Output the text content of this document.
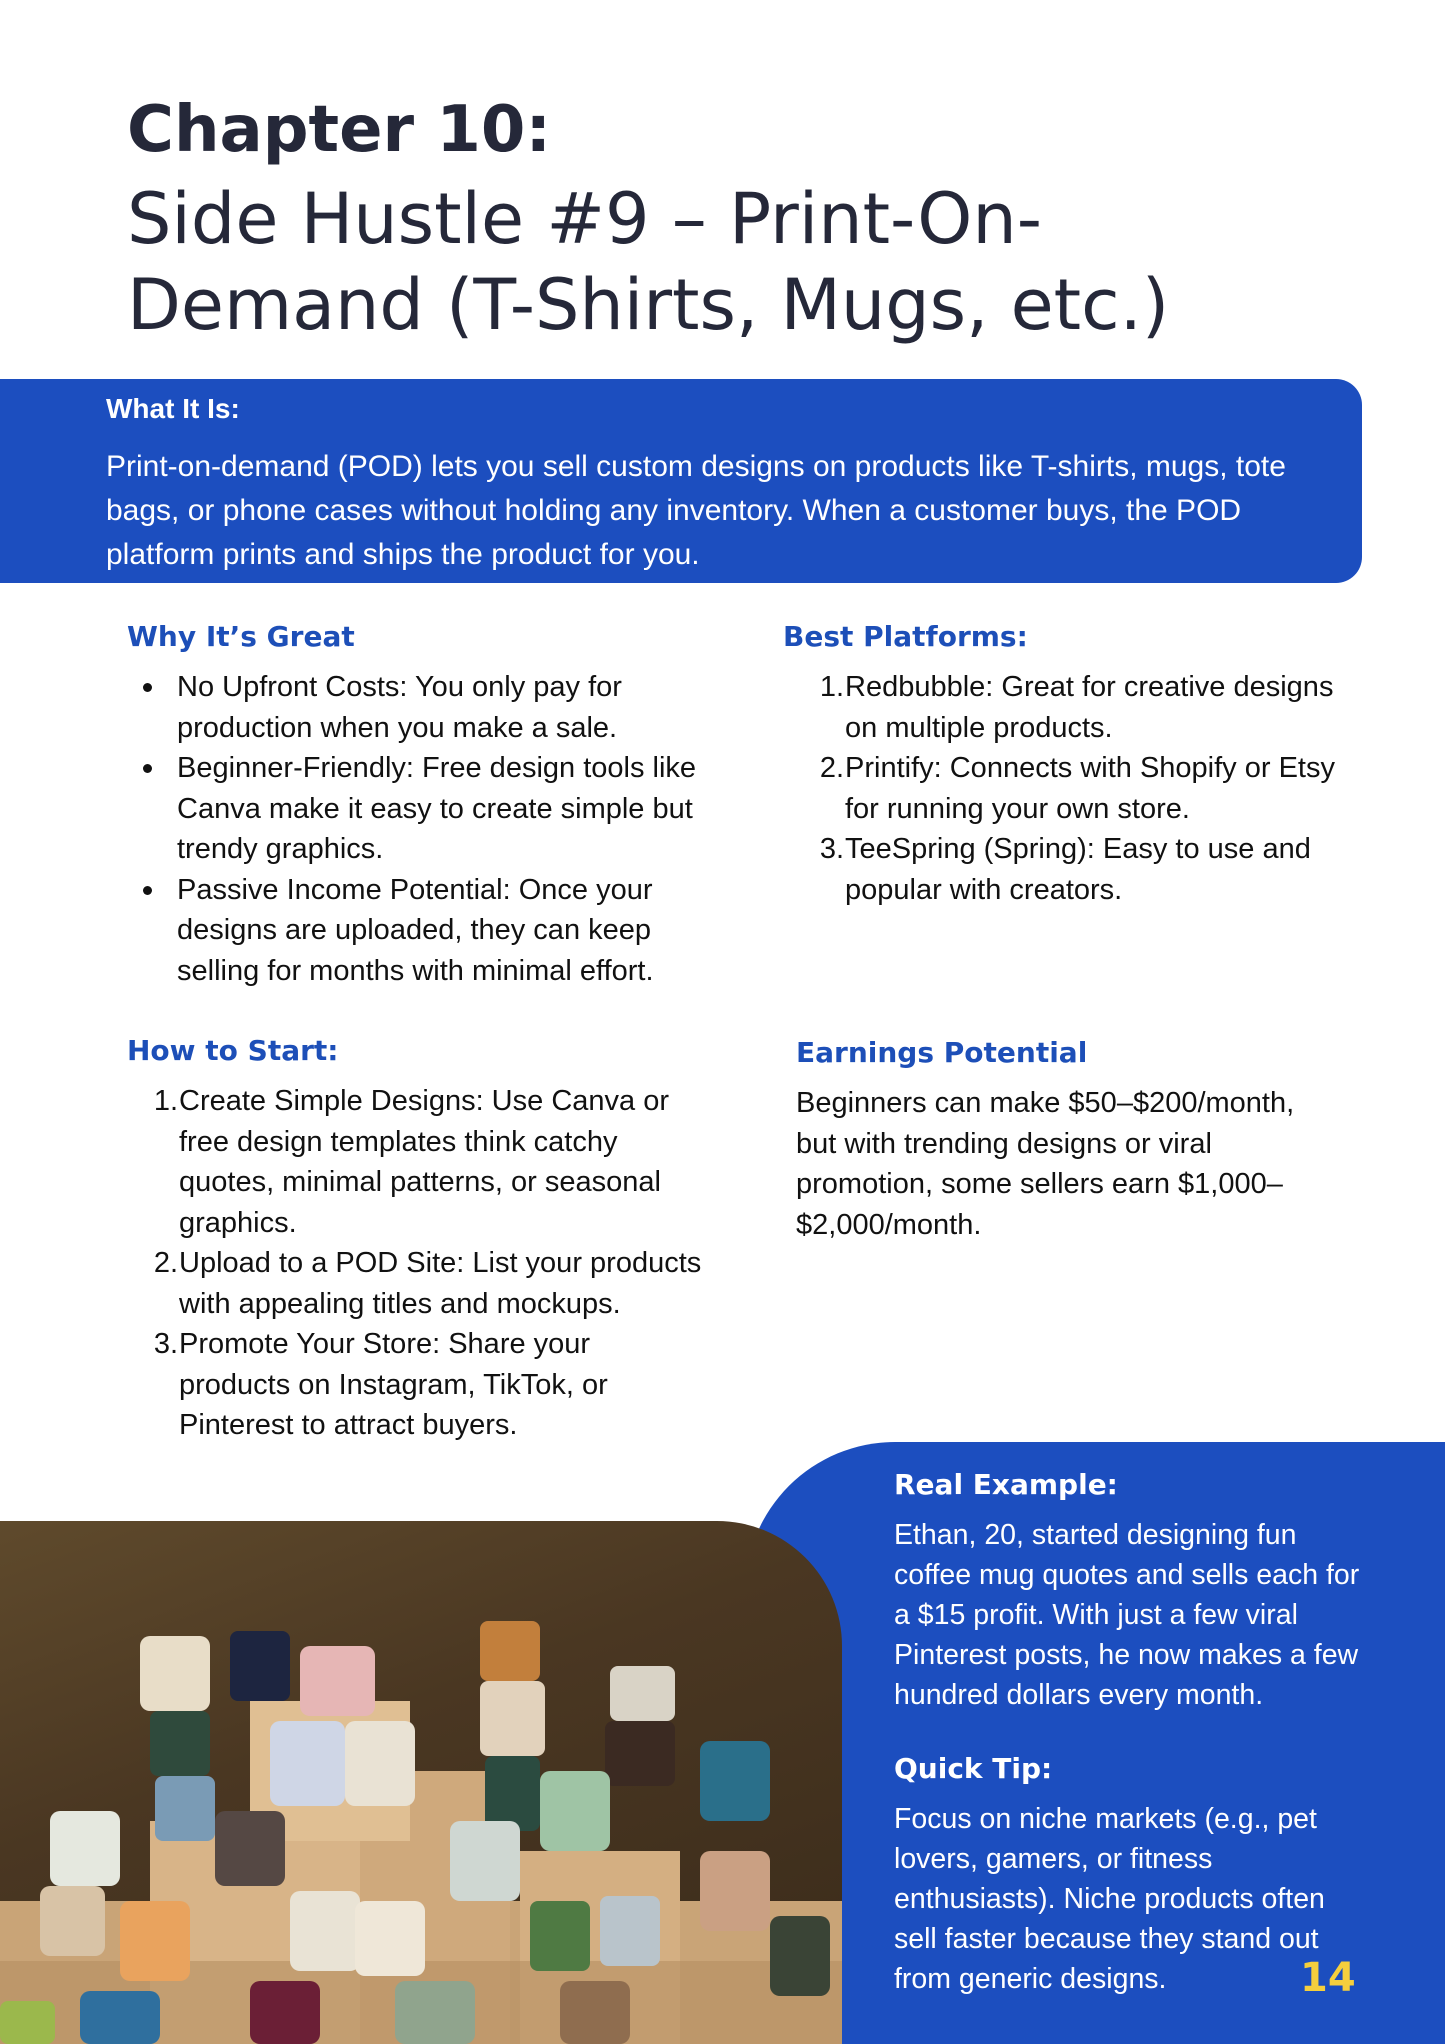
Chapter 10:
Side Hustle #9 – Print-On-Demand (T-Shirts, Mugs, etc.)
What It Is:

Print-on-demand (POD) lets you sell custom designs on products like T-shirts, mugs, tote bags, or phone cases without holding any inventory. When a customer buys, the POD platform prints and ships the product for you.

Why It’s Great
No Upfront Costs: You only pay for production when you make a sale.
Beginner-Friendly: Free design tools like Canva make it easy to create simple but trendy graphics.
Passive Income Potential: Once your designs are uploaded, they can keep selling for months with minimal effort.
Best Platforms:
1. Redbubble: Great for creative designs on multiple products.
2. Printify: Connects with Shopify or Etsy for running your own store.
3. TeeSpring (Spring): Easy to use and popular with creators.
How to Start:
1. Create Simple Designs: Use Canva or free design templates think catchy quotes, minimal patterns, or seasonal graphics.
2. Upload to a POD Site: List your products with appealing titles and mockups.
3. Promote Your Store: Share your products on Instagram, TikTok, or Pinterest to attract buyers.
Earnings Potential

Beginners can make $50–$200/month, but with trending designs or viral promotion, some sellers earn $1,000–$2,000/month.

Real Example:

Ethan, 20, started designing fun coffee mug quotes and sells each for a $15 profit. With just a few viral Pinterest posts, he now makes a few hundred dollars every month.

Quick Tip:

Focus on niche markets (e.g., pet lovers, gamers, or fitness enthusiasts). Niche products often sell faster because they stand out from generic designs.	14
